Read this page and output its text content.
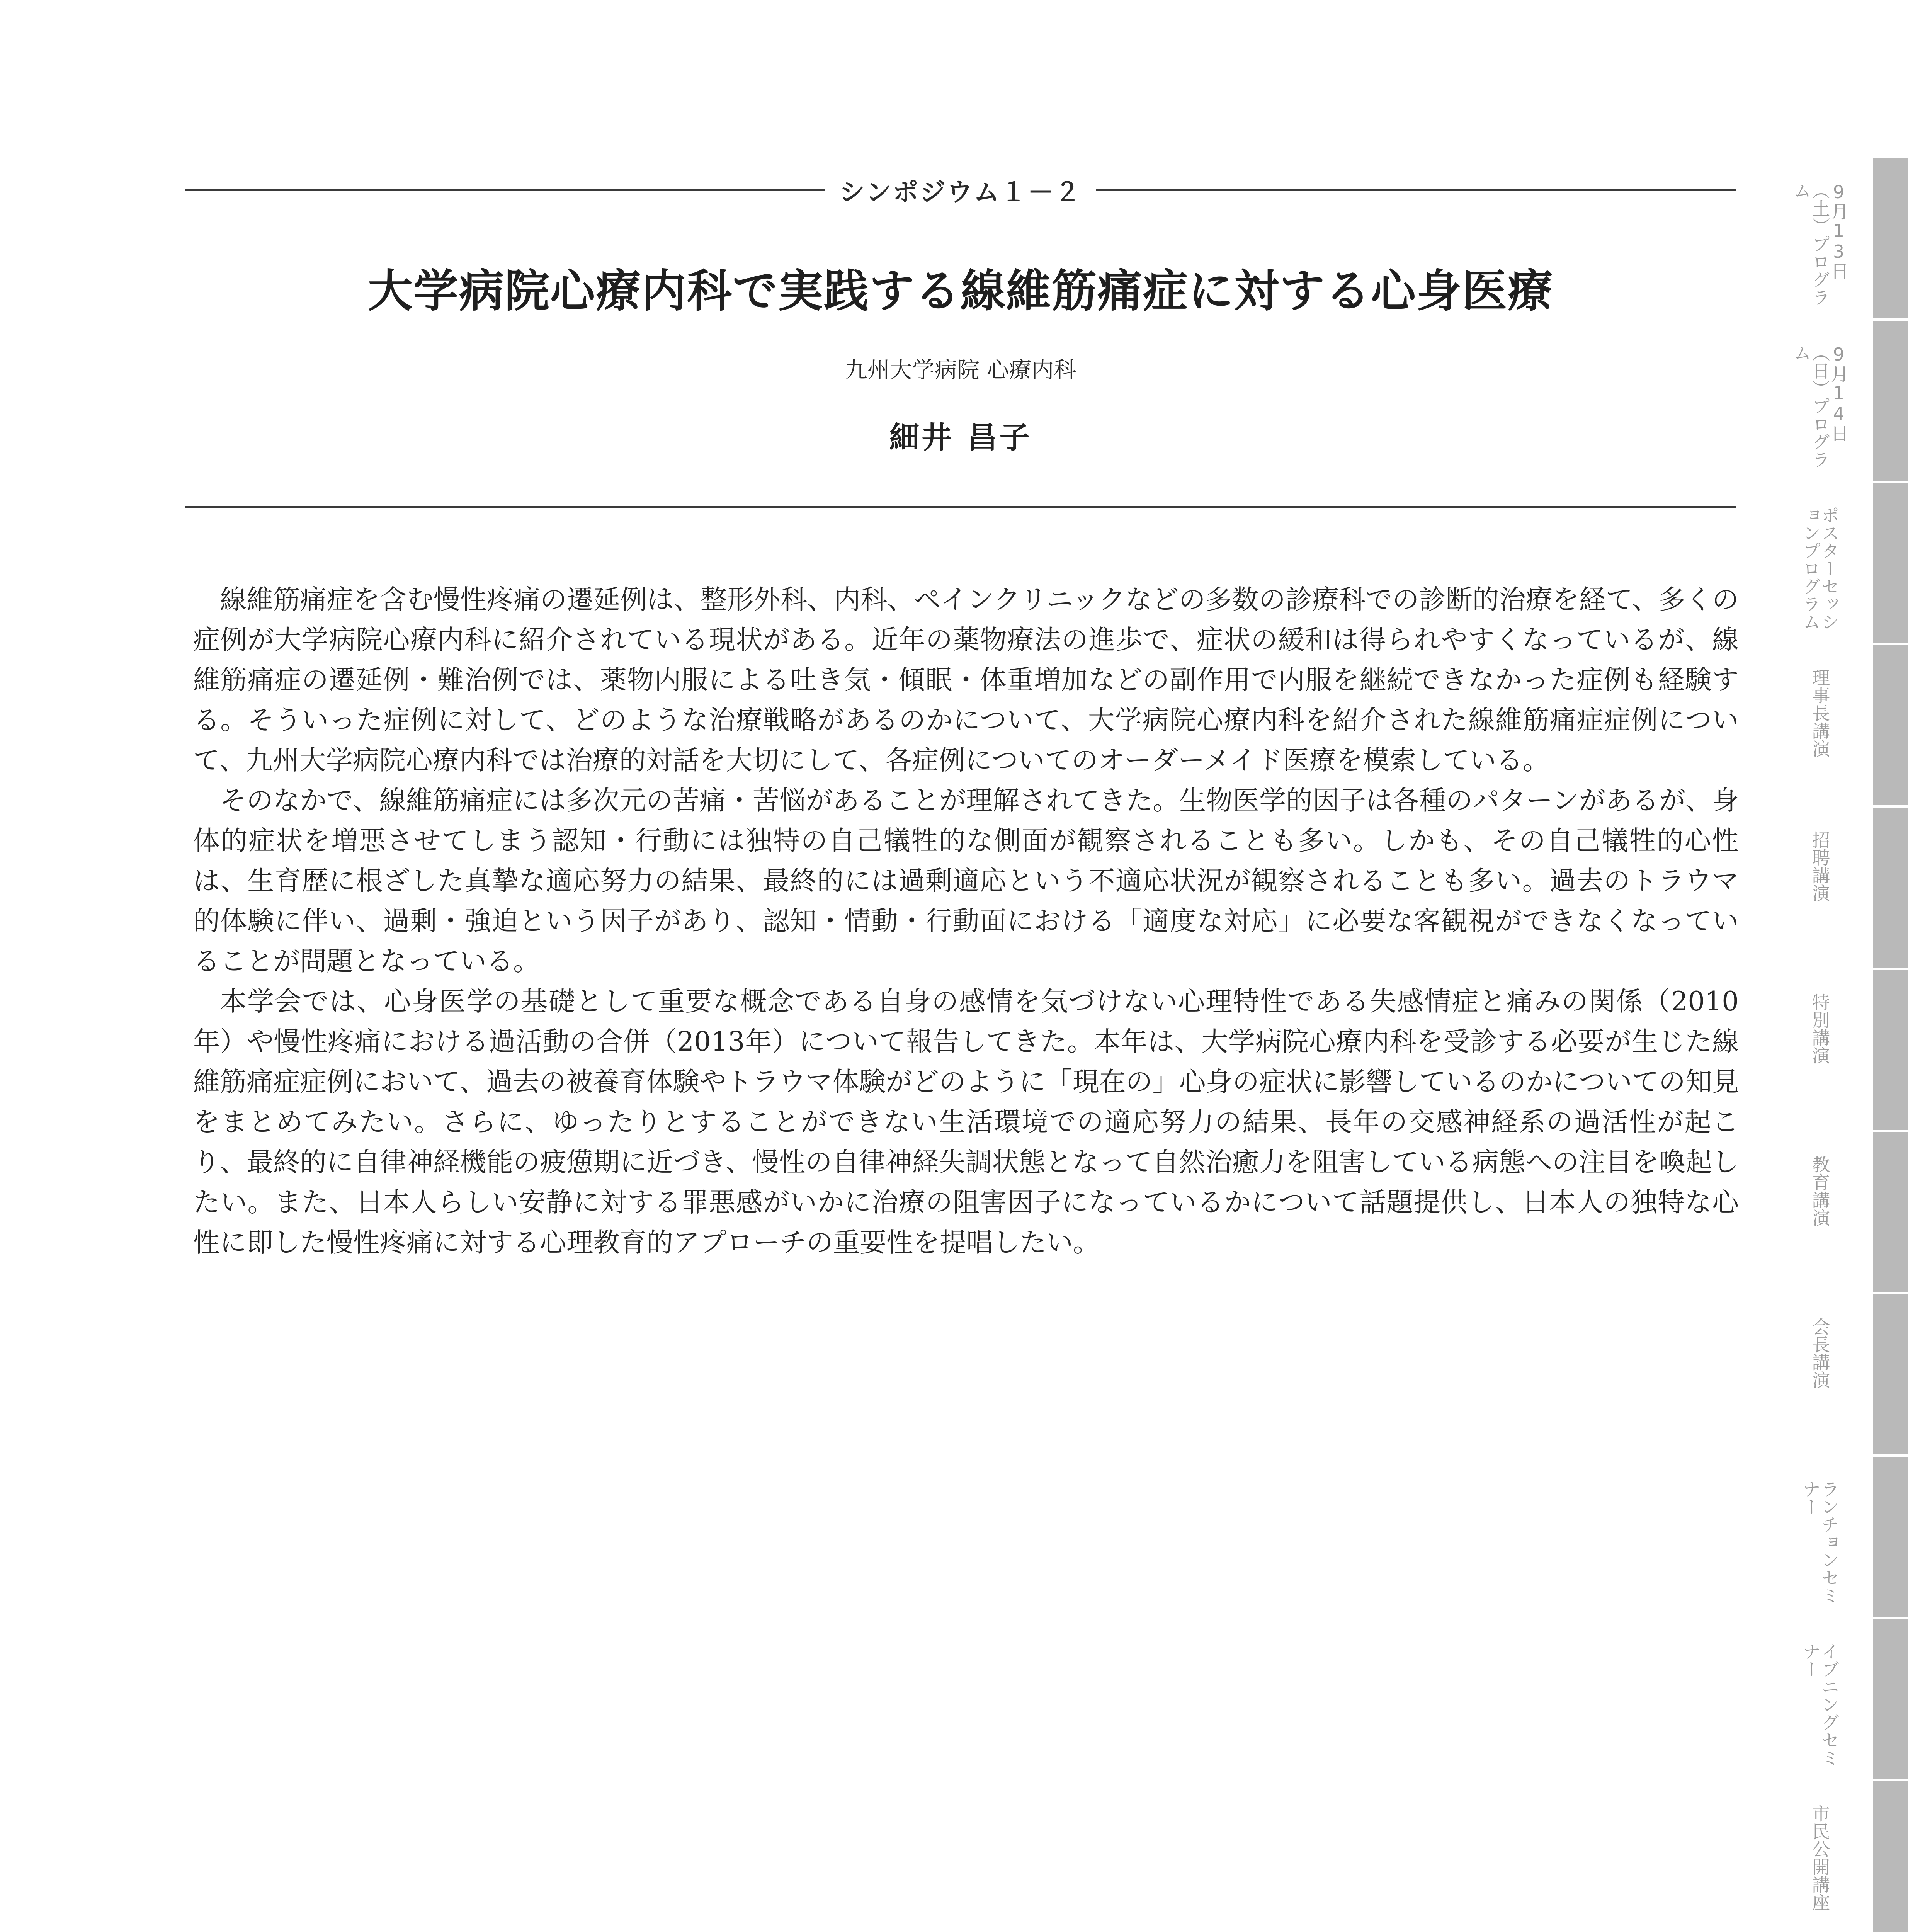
シンポジウム１－２
大学病院心療内科で実践する線維筋痛症に対する心身医療
九州大学病院 心療内科
細井 昌子

線維筋痛症を含む慢性疼痛の遷延例は、整形外科、内科、ペインクリニックなどの多数の診療科での診断的治療を経て、多くの症例が大学病院心療内科に紹介されている現状がある。近年の薬物療法の進歩で、症状の緩和は得られやすくなっているが、線維筋痛症の遷延例・難治例では、薬物内服による吐き気・傾眠・体重増加などの副作用で内服を継続できなかった症例も経験する。そういった症例に対して、どのような治療戦略があるのかについて、大学病院心療内科を紹介された線維筋痛症症例について、九州大学病院心療内科では治療的対話を大切にして、各症例についてのオーダーメイド医療を模索している。

そのなかで、線維筋痛症には多次元の苦痛・苦悩があることが理解されてきた。生物医学的因子は各種のパターンがあるが、身体的症状を増悪させてしまう認知・行動には独特の自己犠牲的な側面が観察されることも多い。しかも、その自己犠牲的心性は、生育歴に根ざした真摯な適応努力の結果、最終的には過剰適応という不適応状況が観察されることも多い。過去のトラウマ的体験に伴い、過剰・強迫という因子があり、認知・情動・行動面における「適度な対応」に必要な客観視ができなくなっていることが問題となっている。

本学会では、心身医学の基礎として重要な概念である自身の感情を気づけない心理特性である失感情症と痛みの関係（2010年）や慢性疼痛における過活動の合併（2013年）について報告してきた。本年は、大学病院心療内科を受診する必要が生じた線維筋痛症症例において、過去の被養育体験やトラウマ体験がどのように「現在の」心身の症状に影響しているのかについての知見をまとめてみたい。さらに、ゆったりとすることができない生活環境での適応努力の結果、長年の交感神経系の過活性が起こり、最終的に自律神経機能の疲憊期に近づき、慢性の自律神経失調状態となって自然治癒力を阻害している病態への注目を喚起したい。また、日本人らしい安静に対する罪悪感がいかに治療の阻害因子になっているかについて話題提供し、日本人の独特な心性に即した慢性疼痛に対する心理教育的アプローチの重要性を提唱したい。

9月13日（土）プログラム
9月14日（日）プログラム
ポスターセッションプログラム
理事長講演
招聘講演
特別講演
教育講演
会長講演
ランチョンセミナー
イブニングセミナー
市民公開講座
